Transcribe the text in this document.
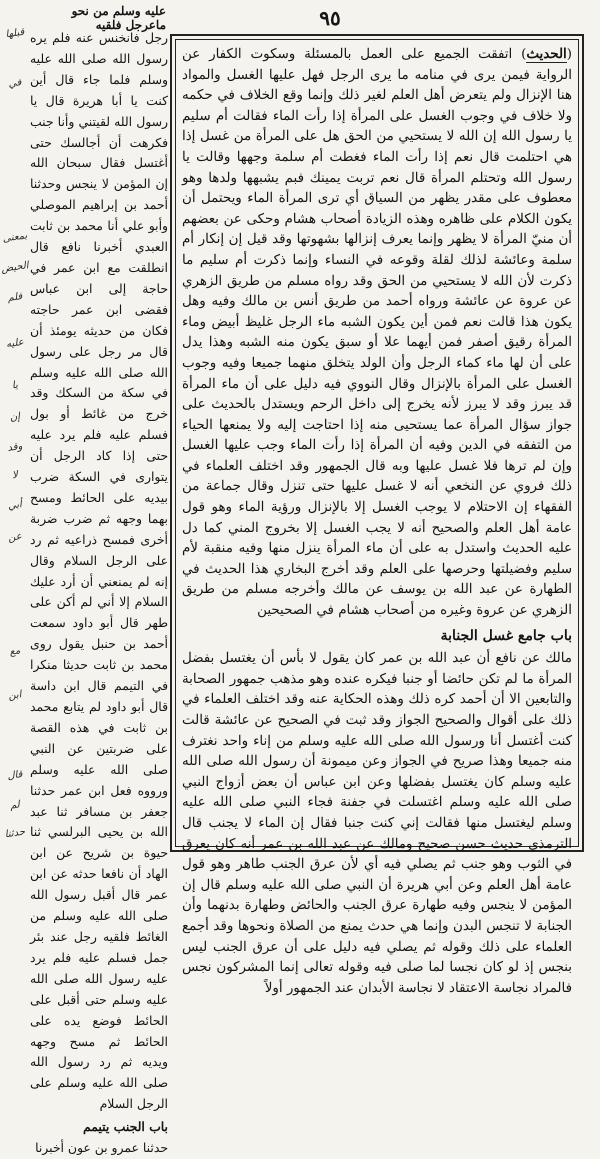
عليه وسلم من نحو ماعرجل فلقيه	٩٥
قبلها
في
بمعنى
الحيض
فلم
عليه
يا
إن
وقد
لا
أبي
عن
مع
ابن
قال
لم
حدثنا
رجل فانخنس عنه فلم يره رسول الله صلى الله عليه وسلم فلما جاء قال أين كنت يا أبا هريرة قال يا رسول الله لقيتني وأنا جنب فكرهت أن أجالسك حتى أغتسل فقال سبحان الله إن المؤمن لا ينجس وحدثنا أحمد بن إبراهيم الموصلي وأبو علي أنا محمد بن ثابت العبدي أخبرنا نافع قال انطلقت مع ابن عمر في حاجة إلى ابن عباس فقضى ابن عمر حاجته فكان من حديثه يومئذ أن قال مر رجل على رسول الله صلى الله عليه وسلم في سكة من السكك وقد خرج من غائط أو بول فسلم عليه فلم يرد عليه حتى إذا كاد الرجل أن يتوارى في السكة ضرب بيديه على الحائط ومسح بهما وجهه ثم ضرب ضربة أخرى فمسح ذراعيه ثم رد على الرجل السلام وقال إنه لم يمنعني أن أرد عليك السلام إلا أني لم أكن على طهر قال أبو داود سمعت أحمد بن حنبل يقول روى محمد بن ثابت حديثا منكرا في التيمم قال ابن داسة قال أبو داود لم يتابع محمد بن ثابت في هذه القصة على ضربتين عن النبي صلى الله عليه وسلم ورووه فعل ابن عمر حدثنا جعفر بن مسافر ثنا عبد الله بن يحيى البرلسي ثنا حيوة بن شريح عن ابن الهاد أن نافعا حدثه عن ابن عمر قال أقبل رسول الله صلى الله عليه وسلم من الغائط فلقيه رجل عند بئر جمل فسلم عليه فلم يرد عليه رسول الله صلى الله عليه وسلم حتى أقبل على الحائط فوضع يده على الحائط ثم مسح وجهه ويديه ثم رد رسول الله صلى الله عليه وسلم على الرجل السلام
باب الجنب يتيمم
حدثنا عمرو بن عون أخبرنا
(الحديث) اتفقت الجميع على العمل بالمسئلة وسكوت الكفار عن الرواية فيمن يرى في منامه ما يرى الرجل فهل عليها الغسل والمواد هنا الإنزال ولم يتعرض أهل العلم لغير ذلك وإنما وقع الخلاف في حكمه ولا خلاف في وجوب الغسل على المرأة إذا رأت الماء فقالت أم سليم يا رسول الله إن الله لا يستحيي من الحق هل على المرأة من غسل إذا هي احتلمت قال نعم إذا رأت الماء فغطت أم سلمة وجهها وقالت يا رسول الله وتحتلم المرأة قال نعم تربت يمينك فبم يشبهها ولدها وهو معطوف على مقدر يظهر من السياق أي ترى المرأة الماء ويحتمل أن يكون الكلام على ظاهره وهذه الزيادة أصحاب هشام وحكى عن بعضهم أن منيّ المرأة لا يظهر وإنما يعرف إنزالها بشهوتها وقد قيل إن إنكار أم سلمة وعائشة لذلك لقلة وقوعه في النساء وإنما ذكرت أم سليم ما ذكرت لأن الله لا يستحيي من الحق وقد رواه مسلم من طريق الزهري عن عروة عن عائشة ورواه أحمد من طريق أنس بن مالك وفيه وهل يكون هذا قالت نعم فمن أين يكون الشبه ماء الرجل غليظ أبيض وماء المرأة رقيق أصفر فمن أيهما علا أو سبق يكون منه الشبه وهذا يدل على أن لها ماء كماء الرجل وأن الولد يتخلق منهما جميعا وفيه وجوب الغسل على المرأة بالإنزال وقال النووي فيه دليل على أن ماء المرأة قد يبرز وقد لا يبرز لأنه يخرج إلى داخل الرحم ويستدل بالحديث على جواز سؤال المرأة عما يستحيى منه إذا احتاجت إليه ولا يمنعها الحياء من التفقه في الدين وفيه أن المرأة إذا رأت الماء وجب عليها الغسل وإن لم ترها فلا غسل عليها وبه قال الجمهور وقد اختلف العلماء في ذلك فروي عن النخعي أنه لا غسل عليها حتى تنزل وقال جماعة من الفقهاء إن الاحتلام لا يوجب الغسل إلا بالإنزال ورؤية الماء وهو قول عامة أهل العلم والصحيح أنه لا يجب الغسل إلا بخروج المني كما دل عليه الحديث واستدل به على أن ماء المرأة ينزل منها وفيه منقبة لأم سليم وفضيلتها وحرصها على العلم وقد أخرج البخاري هذا الحديث في الطهارة عن عبد الله بن يوسف عن مالك وأخرجه مسلم من طريق الزهري عن عروة وغيره من أصحاب هشام في الصحيحين
باب جامع غسل الجنابة
مالك عن نافع أن عبد الله بن عمر كان يقول لا بأس أن يغتسل بفضل المرأة ما لم تكن حائضا أو جنبا فيكره عنده وهو مذهب جمهور الصحابة والتابعين الا أن أحمد كره ذلك وهذه الحكاية عنه وقد اختلف العلماء في ذلك على أقوال والصحيح الجواز وقد ثبت في الصحيح عن عائشة قالت كنت أغتسل أنا ورسول الله صلى الله عليه وسلم من إناء واحد نغترف منه جميعا وهذا صريح في الجواز وعن ميمونة أن رسول الله صلى الله عليه وسلم كان يغتسل بفضلها وعن ابن عباس أن بعض أزواج النبي صلى الله عليه وسلم اغتسلت في جفنة فجاء النبي صلى الله عليه وسلم ليغتسل منها فقالت إني كنت جنبا فقال إن الماء لا يجنب قال الترمذي حديث حسن صحيح ومالك عن عبد الله بن عمر أنه كان يعرق في الثوب وهو جنب ثم يصلي فيه أي لأن عرق الجنب طاهر وهو قول عامة أهل العلم وعن أبي هريرة أن النبي صلى الله عليه وسلم قال إن المؤمن لا ينجس وفيه طهارة عرق الجنب والحائض وطهارة بدنهما وأن الجنابة لا تنجس البدن وإنما هي حدث يمنع من الصلاة ونحوها وقد أجمع العلماء على ذلك وقوله ثم يصلي فيه دليل على أن عرق الجنب ليس بنجس إذ لو كان نجسا لما صلى فيه وقوله تعالى إنما المشركون نجس فالمراد نجاسة الاعتقاد لا نجاسة الأبدان عند الجمهور أولاً
